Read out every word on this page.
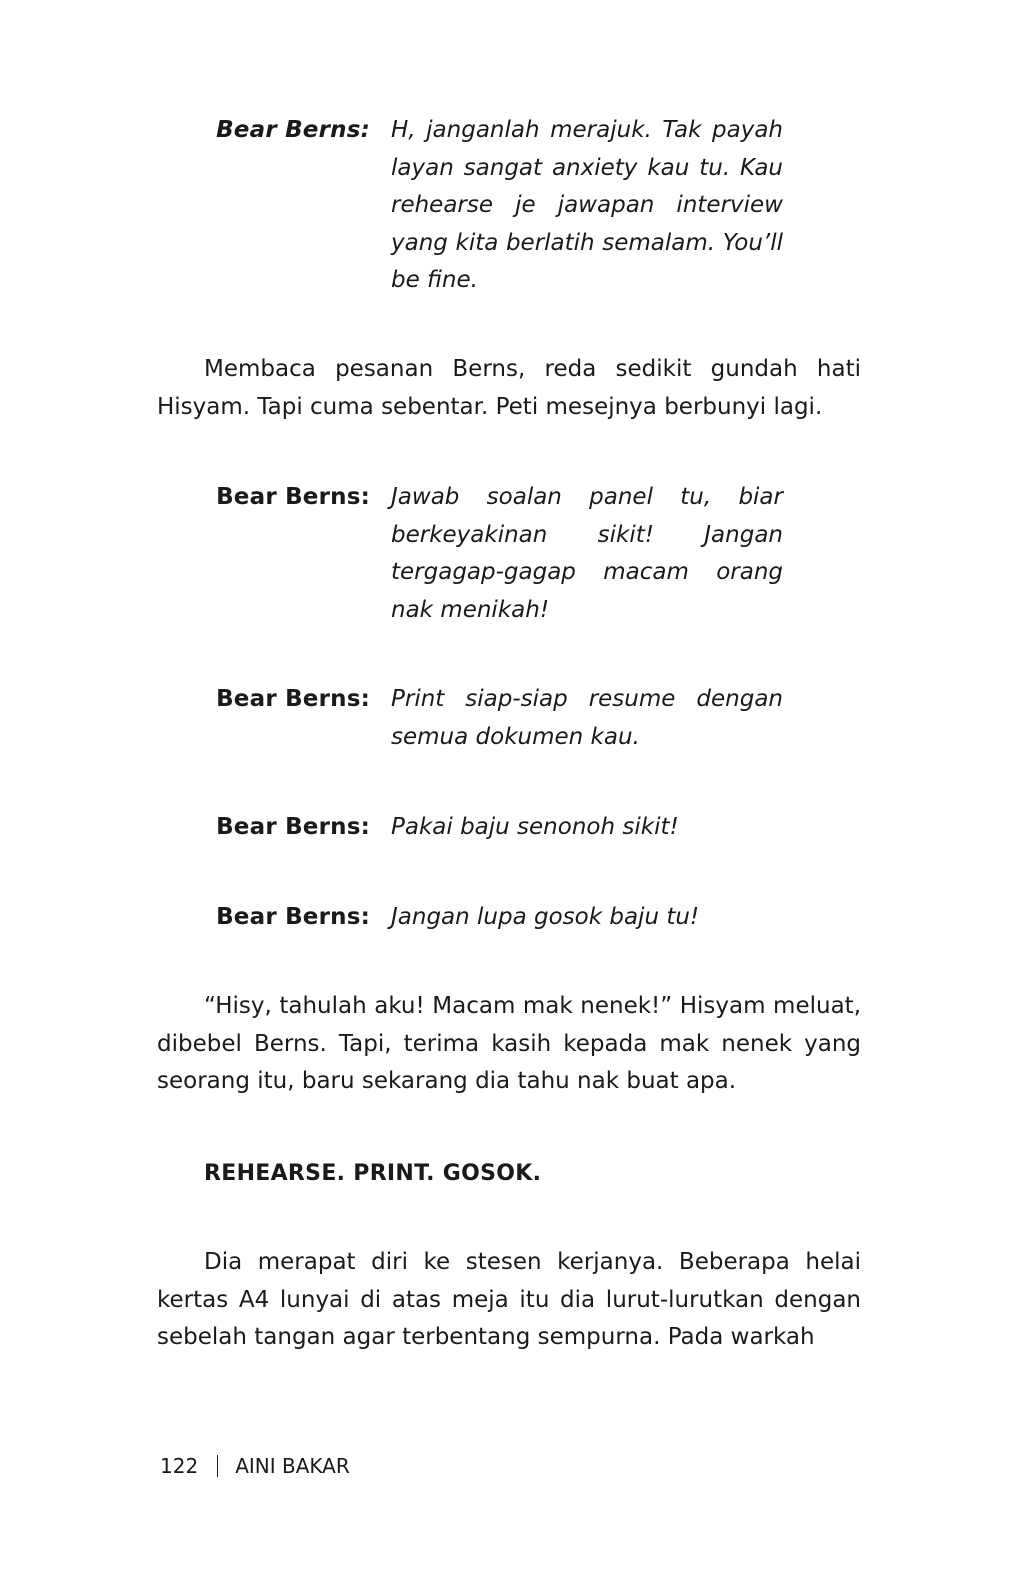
Bear Berns: H, janganlah merajuk. Tak payah layan sangat anxiety kau tu. Kau rehearse je jawapan interview yang kita berlatih semalam. You’ll be fine.
Membaca pesanan Berns, reda sedikit gundah hati Hisyam. Tapi cuma sebentar. Peti mesejnya berbunyi lagi.
Bear Berns: Jawab soalan panel tu, biar berkeyakinan sikit! Jangan tergagap-gagap macam orang nak menikah!
Bear Berns: Print siap-siap resume dengan semua dokumen kau.
Bear Berns: Pakai baju senonoh sikit!
Bear Berns: Jangan lupa gosok baju tu!
“Hisy, tahulah aku! Macam mak nenek!” Hisyam meluat, dibebel Berns. Tapi, terima kasih kepada mak nenek yang seorang itu, baru sekarang dia tahu nak buat apa.
REHEARSE. PRINT. GOSOK.
Dia merapat diri ke stesen kerjanya. Beberapa helai kertas A4 lunyai di atas meja itu dia lurut-lurutkan dengan sebelah tangan agar terbentang sempurna. Pada warkah
122 AINI BAKAR
